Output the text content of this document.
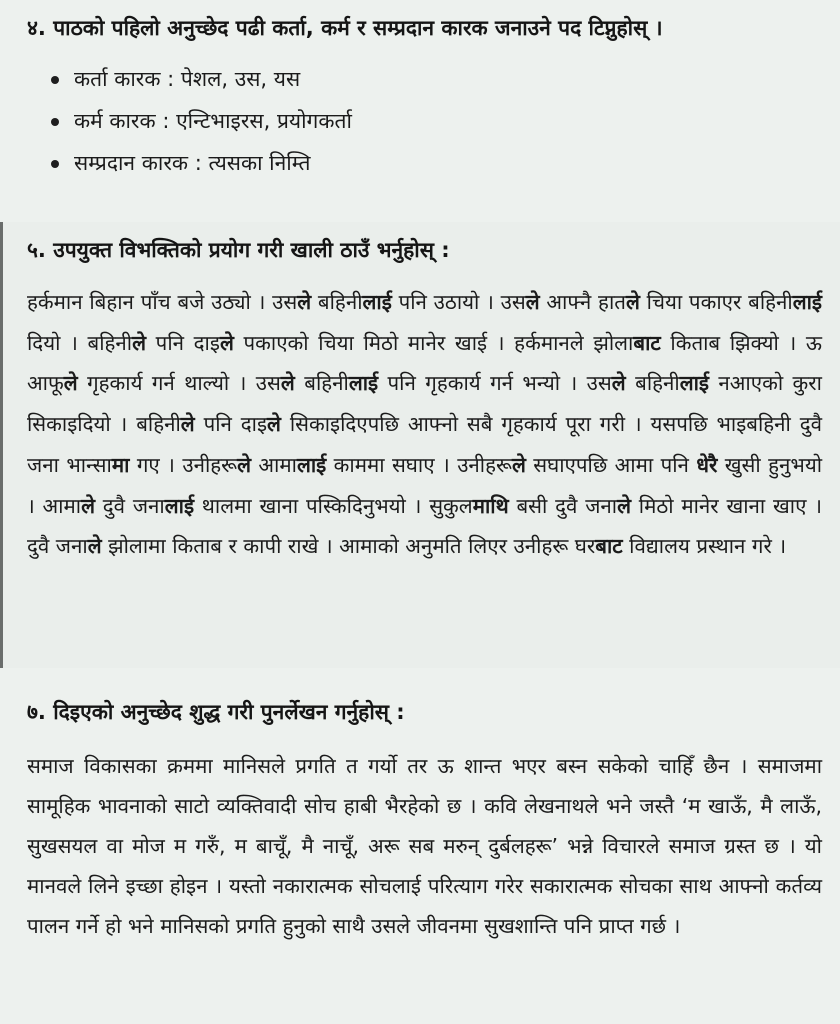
४. पाठको पहिलो अनुच्छेद पढी कर्ता, कर्म र सम्प्रदान कारक जनाउने पद टिप्नुहोस् ।
कर्ता कारक : पेशल, उस, यस
कर्म कारक : एन्टिभाइरस, प्रयोगकर्ता
सम्प्रदान कारक : त्यसका निम्ति
५. उपयुक्त विभक्तिको प्रयोग गरी खाली ठाउँ भर्नुहोस् :

हर्कमान बिहान पाँच बजे उठ्यो । उसले बहिनीलाई पनि उठायो । उसले आफ्नै हातले चिया पकाएर बहिनीलाई दियो । बहिनीले पनि दाइले पकाएको चिया मिठो मानेर खाई । हर्कमानले झोलाबाट किताब झिक्यो । ऊ आफूले गृहकार्य गर्न थाल्यो । उसले बहिनीलाई पनि गृहकार्य गर्न भन्यो । उसले बहिनीलाई नआएको कुरा सिकाइदियो । बहिनीले पनि दाइले सिकाइदिएपछि आफ्नो सबै गृहकार्य पूरा गरी । यसपछि भाइबहिनी दुवै जना भान्सामा गए । उनीहरूले आमालाई काममा सघाए । उनीहरूले सघाएपछि आमा पनि धेरै खुसी हुनुभयो । आमाले दुवै जनालाई थालमा खाना पस्किदिनुभयो । सुकुलमाथि बसी दुवै जनाले मिठो मानेर खाना खाए । दुवै जनाले झोलामा किताब र कापी राखे । आमाको अनुमति लिएर उनीहरू घरबाट विद्यालय प्रस्थान गरे ।

७. दिइएको अनुच्छेद शुद्ध गरी पुनर्लेखन गर्नुहोस् :

समाज विकासका क्रममा मानिसले प्रगति त गर्यो तर ऊ शान्त भएर बस्न सकेको चाहिँ छैन । समाजमा सामूहिक भावनाको साटो व्यक्तिवादी सोच हाबी भैरहेको छ । कवि लेखनाथले भने जस्तै ‘म खाऊँ, मै लाऊँ, सुखसयल वा मोज म गरुँ, म बाचूँ, मै नाचूँ, अरू सब मरुन् दुर्बलहरू’ भन्ने विचारले समाज ग्रस्त छ । यो मानवले लिने इच्छा होइन । यस्तो नकारात्मक सोचलाई परित्याग गरेर सकारात्मक सोचका साथ आफ्नो कर्तव्य पालन गर्ने हो भने मानिसको प्रगति हुनुको साथै उसले जीवनमा सुखशान्ति पनि प्राप्त गर्छ ।
